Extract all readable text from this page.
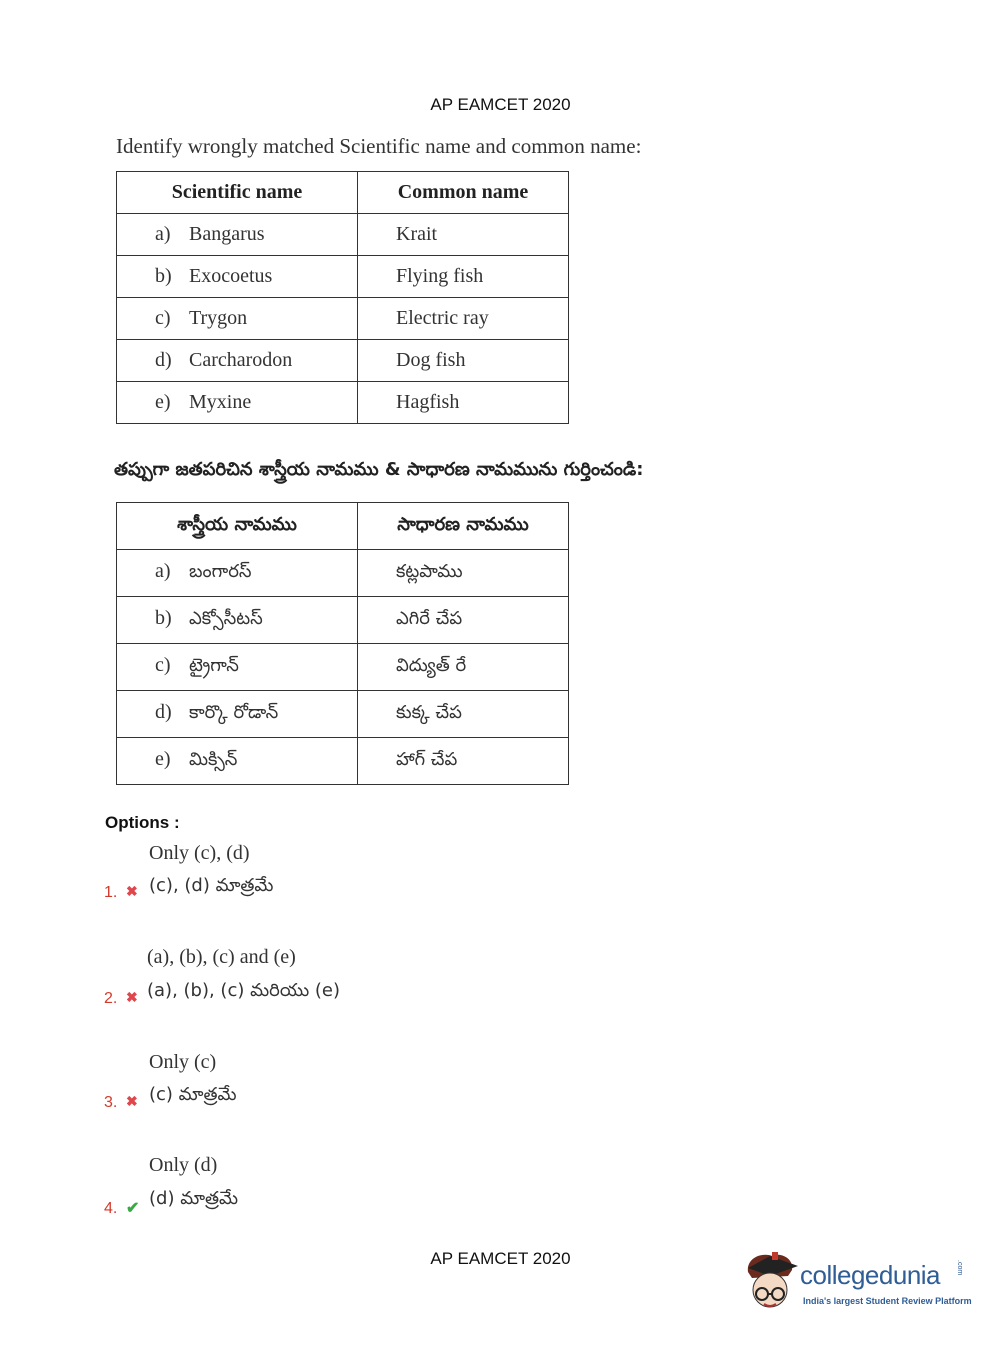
AP EAMCET 2020
Identify wrongly matched Scientific name and common name:
Scientific name	Common name
a) Bangarus	Krait
b) Exocoetus	Flying fish
c) Trygon	Electric ray
d) Carcharodon	Dog fish
e) Myxine	Hagfish
తప్పుగా జతపరిచిన శాస్త్రీయ నామము & సాధారణ నామమును గుర్తించండి:
శాస్త్రీయ నామము	సాధారణ నామము
a) బంగారస్	కట్లపాము
b) ఎక్సోసీటస్	ఎగిరే చేప
c) ట్రైగాన్	విద్యుత్ రే
d) కార్కొ రోడాన్	కుక్క చేప
e) మిక్సిన్	హాగ్ చేప
Options :
Only (c), (d)
1. ✖ (c), (d) మాత్రమే
(a), (b), (c) and (e)
2. ✖ (a), (b), (c) మరియు (e)
Only (c)
3. ✖ (c) మాత్రమే
Only (d)
4. ✔ (d) మాత్రమే
AP EAMCET 2020
collegedunia .com
India's largest Student Review Platform
